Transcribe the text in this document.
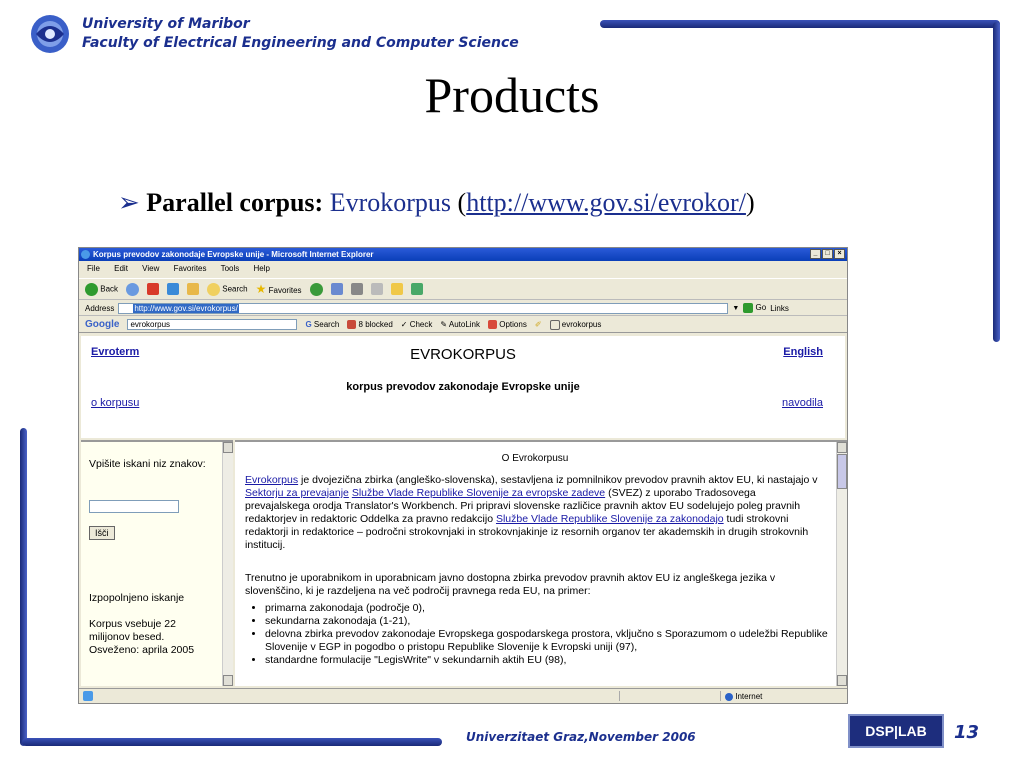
University of Maribor
Faculty of Electrical Engineering and Computer Science
Products
➢ Parallel corpus: Evrokorpus (http://www.gov.si/evrokor/)
Korpus prevodov zakonodaje Evropske unije - Microsoft Internet Explorer	_	□	×
File Edit View Favorites Tools Help
Back	Search ★ Favorites
Address	http://www.gov.si/evrokorpus/	▼	Go Links
Google	evrokorpus	G Search	8 blocked ✓ Check ✎ AutoLink	Options ✐	evrokorpus
Evroterm	EVROKORPUS	English
korpus prevodov zakonodaje Evropske unije
o korpusu	navodila
Vpišite iskani niz znakov:
Išči
Izpopolnjeno iskanje
Korpus vsebuje 22 milijonov besed. Osveženo: aprila 2005
O Evrokorpusu
Evrokorpus je dvojezična zbirka (angleško-slovenska), sestavljena iz pomnilnikov prevodov pravnih aktov EU, ki nastajajo v Sektorju za prevajanje Službe Vlade Republike Slovenije za evropske zadeve (SVEZ) z uporabo Tradosovega prevajalskega orodja Translator's Workbench. Pri pripravi slovenske različice pravnih aktov EU sodelujejo poleg pravnih redaktorjev in redaktoric Oddelka za pravno redakcijo Službe Vlade Republike Slovenije za zakonodajo tudi strokovni redaktorji in redaktorice – področni strokovnjaki in strokovnjakinje iz resornih organov ter akademskih in drugih strokovnih institucij.
Trenutno je uporabnikom in uporabnicam javno dostopna zbirka prevodov pravnih aktov EU iz angleškega jezika v slovenščino, ki je razdeljena na več področij pravnega reda EU, na primer:
• primarna zakonodaja (področje 0),
• sekundarna zakonodaja (1-21),
• delovna zbirka prevodov zakonodaje Evropskega gospodarskega prostora, vključno s Sporazumom o udeležbi Republike Slovenije v EGP in pogodbo o pristopu Republike Slovenije k Evropski uniji (97),
• standardne formulacije "LegisWrite" v sekundarnih aktih EU (98),
Internet
Univerzitaet Graz,November 2006	DSP|LAB	13
